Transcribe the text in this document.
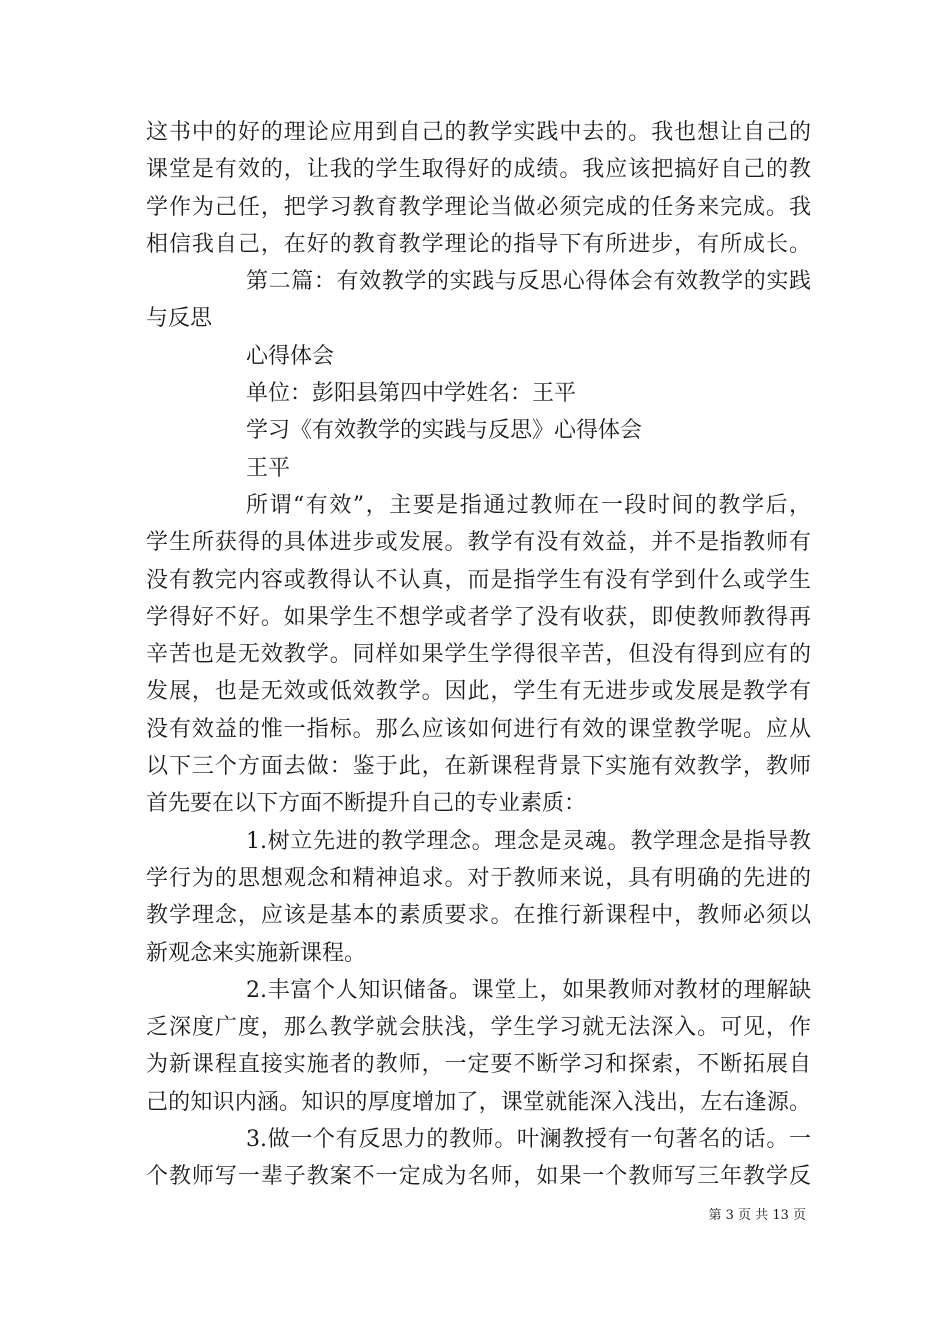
这书中的好的理论应用到自己的教学实践中去的。我也想让自己的
课堂是有效的，让我的学生取得好的成绩。我应该把搞好自己的教
学作为己任，把学习教育教学理论当做必须完成的任务来完成。我
相信我自己，在好的教育教学理论的指导下有所进步，有所成长。
第二篇：有效教学的实践与反思心得体会有效教学的实践
与反思
心得体会
单位：彭阳县第四中学姓名：王平
学习《有效教学的实践与反思》心得体会
王平
所谓“有效”，主要是指通过教师在一段时间的教学后，
学生所获得的具体进步或发展。教学有没有效益，并不是指教师有
没有教完内容或教得认不认真，而是指学生有没有学到什么或学生
学得好不好。如果学生不想学或者学了没有收获，即使教师教得再
辛苦也是无效教学。同样如果学生学得很辛苦，但没有得到应有的
发展，也是无效或低效教学。因此，学生有无进步或发展是教学有
没有效益的惟一指标。那么应该如何进行有效的课堂教学呢。应从
以下三个方面去做：鉴于此，在新课程背景下实施有效教学，教师
首先要在以下方面不断提升自己的专业素质：
1.树立先进的教学理念。理念是灵魂。教学理念是指导教
学行为的思想观念和精神追求。对于教师来说，具有明确的先进的
教学理念，应该是基本的素质要求。在推行新课程中，教师必须以
新观念来实施新课程。
2.丰富个人知识储备。课堂上，如果教师对教材的理解缺
乏深度广度，那么教学就会肤浅，学生学习就无法深入。可见，作
为新课程直接实施者的教师，一定要不断学习和探索，不断拓展自
己的知识内涵。知识的厚度增加了，课堂就能深入浅出，左右逢源。
3.做一个有反思力的教师。叶澜教授有一句著名的话。一
个教师写一辈子教案不一定成为名师，如果一个教师写三年教学反
第 3 页 共 13 页
